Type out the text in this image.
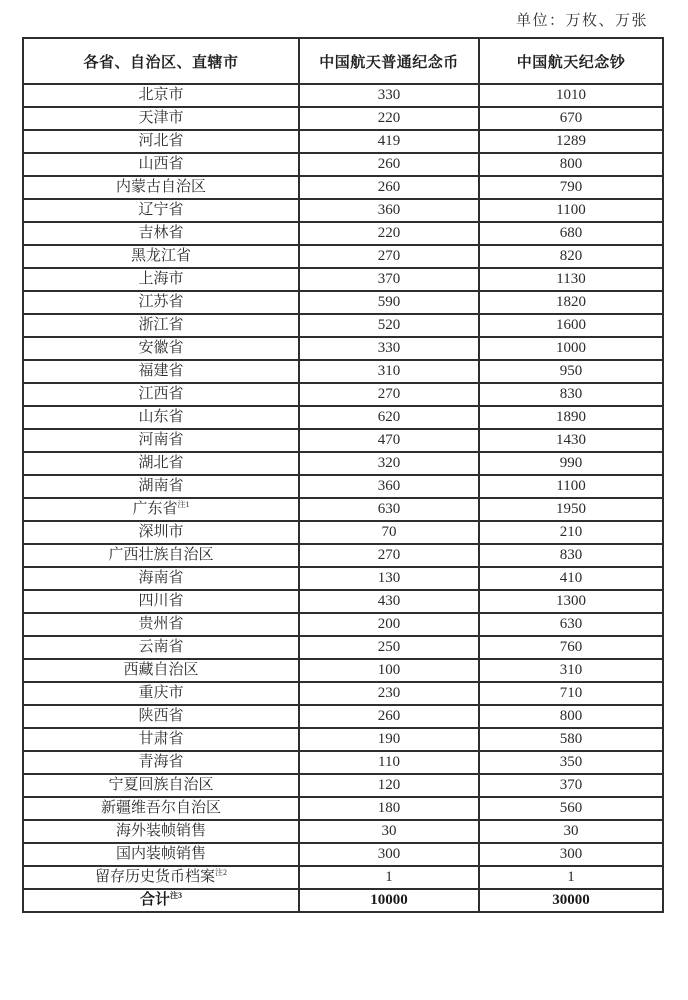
单位：万枚、万张
各省、自治区、直辖市	中国航天普通纪念币	中国航天纪念钞
北京市	330	1010
天津市	220	670
河北省	419	1289
山西省	260	800
内蒙古自治区	260	790
辽宁省	360	1100
吉林省	220	680
黑龙江省	270	820
上海市	370	1130
江苏省	590	1820
浙江省	520	1600
安徽省	330	1000
福建省	310	950
江西省	270	830
山东省	620	1890
河南省	470	1430
湖北省	320	990
湖南省	360	1100
广东省$^{注1}$	630	1950
深圳市	70	210
广西壮族自治区	270	830
海南省	130	410
四川省	430	1300
贵州省	200	630
云南省	250	760
西藏自治区	100	310
重庆市	230	710
陕西省	260	800
甘肃省	190	580
青海省	110	350
宁夏回族自治区	120	370
新疆维吾尔自治区	180	560
海外装帧销售	30	30
国内装帧销售	300	300
留存历史货币档案$^{注2}$	1	1
合计$^{注3}$	10000	30000
